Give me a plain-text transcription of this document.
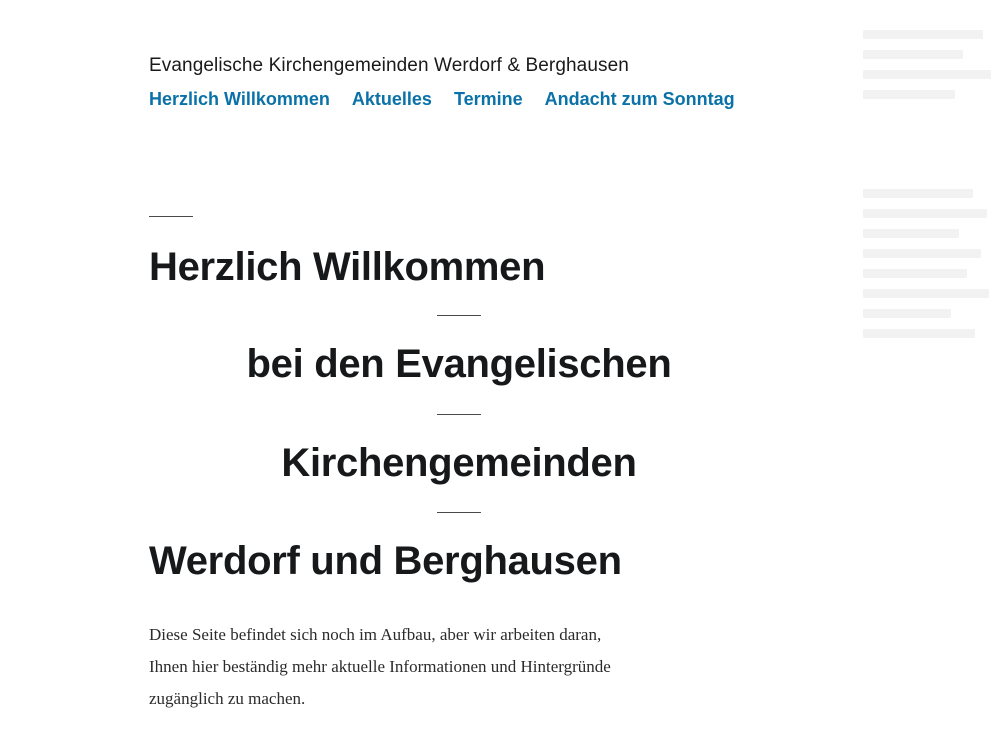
Evangelische Kirchengemeinden Werdorf & Berghausen
Herzlich Willkommen Aktuelles Termine Andacht zum Sonntag
Herzlich Willkommen
bei den Evangelischen
Kirchengemeinden
Werdorf und Berghausen

Diese Seite befindet sich noch im Aufbau, aber wir arbeiten daran, Ihnen hier beständig mehr aktuelle Informationen und Hintergründe zugänglich zu machen.
